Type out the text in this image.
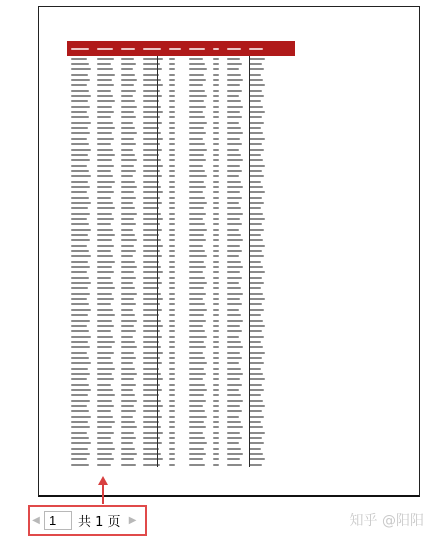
◀
1	共 1 页 ▶	知乎 @阳阳
